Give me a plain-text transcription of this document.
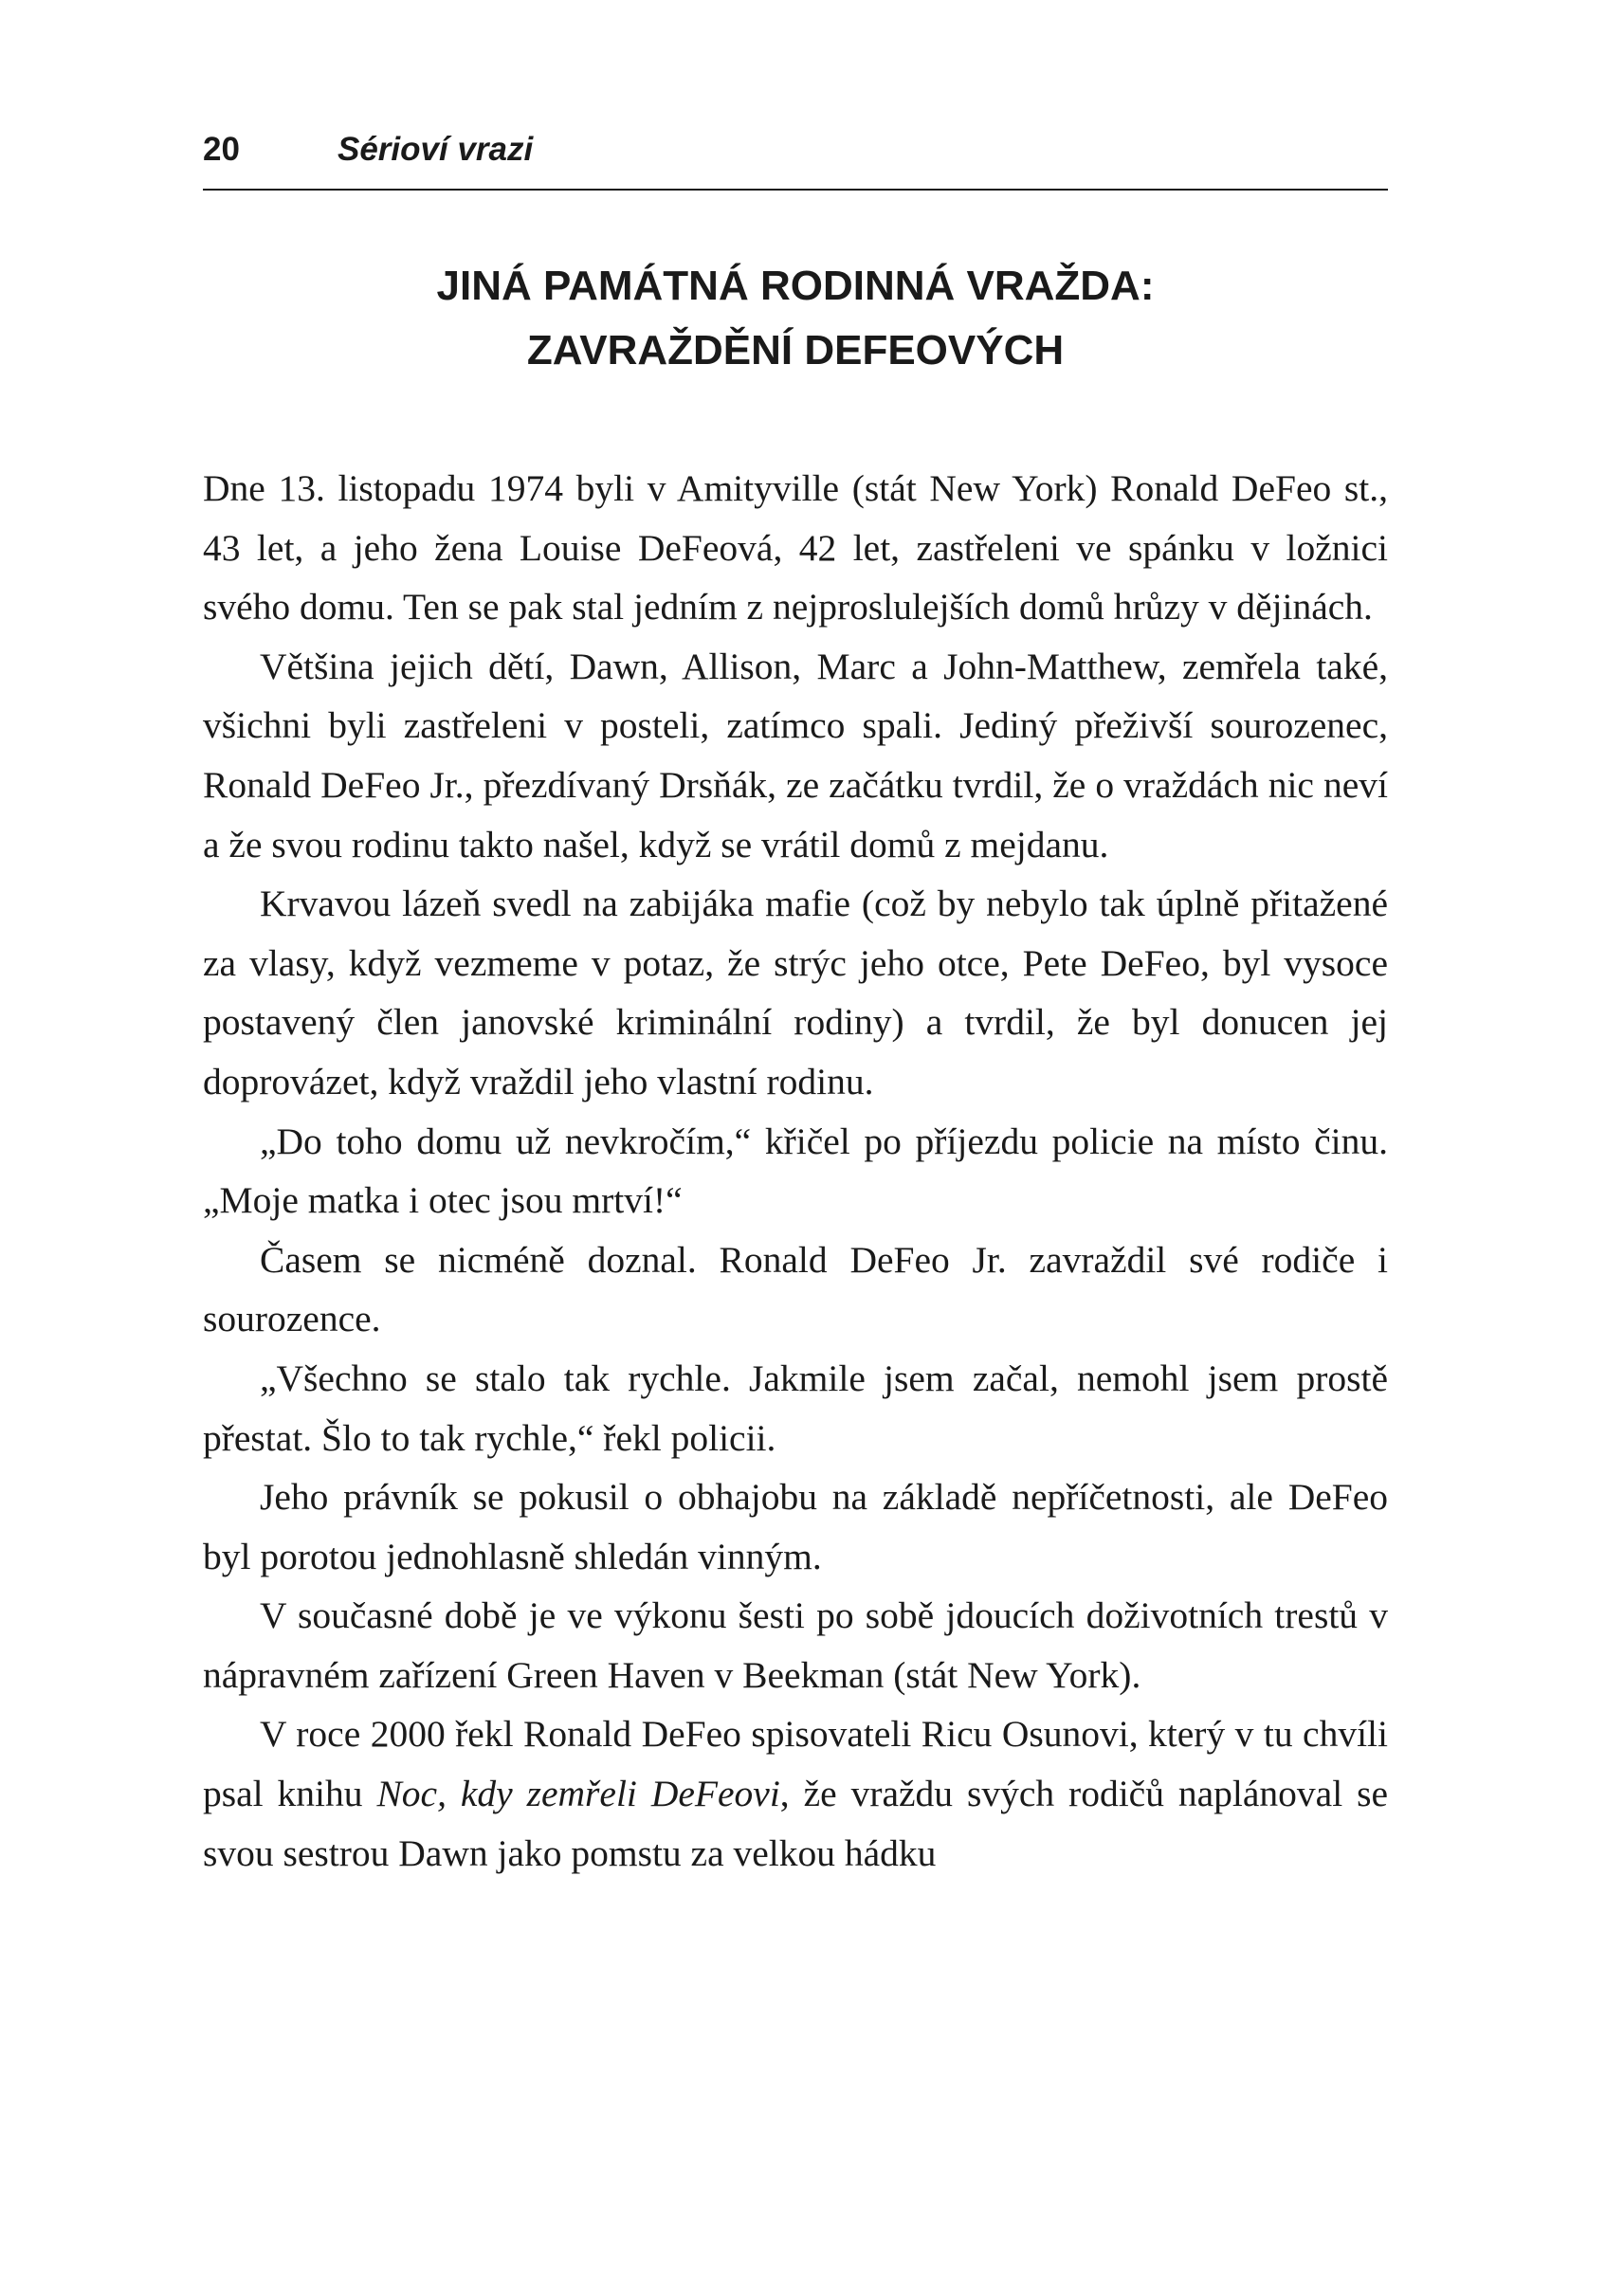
20	Sérioví vrazi
JINÁ PAMÁTNÁ RODINNÁ VRAŽDA:
ZAVRAŽDĚNÍ DEFEOVÝCH

Dne 13. listopadu 1974 byli v Amityville (stát New York) Ronald DeFeo st., 43 let, a jeho žena Louise DeFeová, 42 let, zastřeleni ve spánku v ložnici svého domu. Ten se pak stal jedním z nejproslulejších domů hrůzy v dějinách.

Většina jejich dětí, Dawn, Allison, Marc a John-Matthew, zemřela také, všichni byli zastřeleni v posteli, zatímco spali. Jediný přeživší sourozenec, Ronald DeFeo Jr., přezdívaný Drsňák, ze začátku tvrdil, že o vraždách nic neví a že svou rodinu takto našel, když se vrátil domů z mejdanu.

Krvavou lázeň svedl na zabijáka mafie (což by nebylo tak úplně přitažené za vlasy, když vezmeme v potaz, že strýc jeho otce, Pete DeFeo, byl vysoce postavený člen janovské kriminální rodiny) a tvrdil, že byl donucen jej doprovázet, když vraždil jeho vlastní rodinu.

„Do toho domu už nevkročím,“ křičel po příjezdu policie na místo činu. „Moje matka i otec jsou mrtví!“

Časem se nicméně doznal. Ronald DeFeo Jr. zavraždil své rodiče i sourozence.

„Všechno se stalo tak rychle. Jakmile jsem začal, nemohl jsem prostě přestat. Šlo to tak rychle,“ řekl policii.

Jeho právník se pokusil o obhajobu na základě nepříčetnosti, ale DeFeo byl porotou jednohlasně shledán vinným.

V současné době je ve výkonu šesti po sobě jdoucích doživotních trestů v nápravném zařízení Green Haven v Beekman (stát New York).

V roce 2000 řekl Ronald DeFeo spisovateli Ricu Osunovi, který v tu chvíli psal knihu Noc, kdy zemřeli DeFeovi, že vraždu svých rodičů naplánoval se svou sestrou Dawn jako pomstu za velkou hádku
